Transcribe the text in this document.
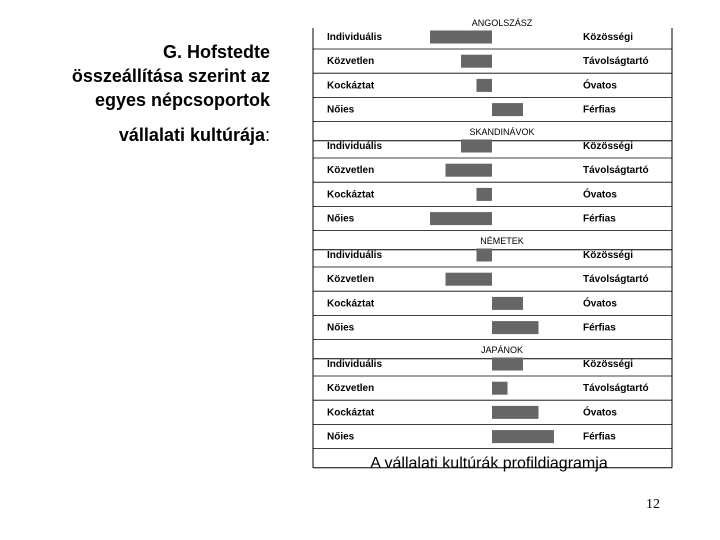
G. Hofstedte
összeállítása szerint az
egyes népcsoportok
vállalati kultúrája:
ANGOLSZÁSZ
Individuális	Közösségi
Közvetlen	Távolságtartó
Kockáztat	Óvatos
Nőies	Férfias
SKANDINÁVOK
Individuális	Közösségi
Közvetlen	Távolságtartó
Kockáztat	Óvatos
Nőies	Férfias
NÉMETEK
Individuális	Közösségi
Közvetlen	Távolságtartó
Kockáztat	Óvatos
Nőies	Férfias
JAPÁNOK
Individuális	Közösségi
Közvetlen	Távolságtartó
Kockáztat	Óvatos
Nőies	Férfias
A vállalati kultúrák profildiagramja
12
